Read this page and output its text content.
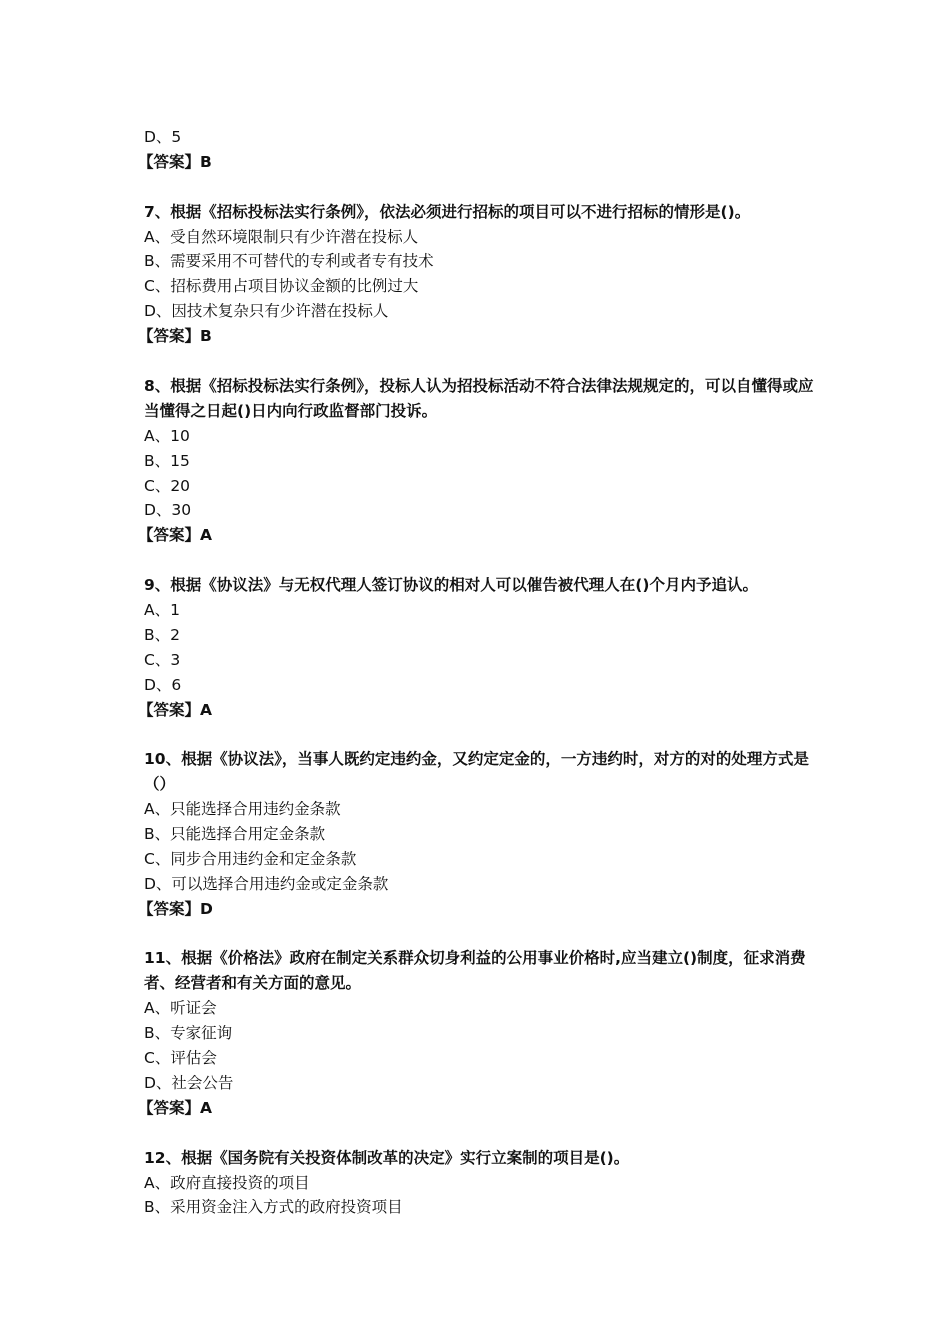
D、5
【答案】B
7、根据《招标投标法实行条例》，依法必须进行招标的项目可以不进行招标的情形是()。
A、受自然环境限制只有少许潜在投标人
B、需要采用不可替代的专利或者专有技术
C、招标费用占项目协议金额的比例过大
D、因技术复杂只有少许潜在投标人
【答案】B
8、根据《招标投标法实行条例》，投标人认为招投标活动不符合法律法规规定的，可以自懂得或应当懂得之日起()日内向行政监督部门投诉。
A、10
B、15
C、20
D、30
【答案】A
9、根据《协议法》与无权代理人签订协议的相对人可以催告被代理人在()个月内予追认。
A、1
B、2
C、3
D、6
【答案】A
10、根据《协议法》，当事人既约定违约金，又约定定金的，一方违约时，对方的对的处理方式是（）
A、只能选择合用违约金条款
B、只能选择合用定金条款
C、同步合用违约金和定金条款
D、可以选择合用违约金或定金条款
【答案】D
11、根据《价格法》政府在制定关系群众切身利益的公用事业价格时,应当建立()制度，征求消费者、经营者和有关方面的意见。
A、听证会
B、专家征询
C、评估会
D、社会公告
【答案】A
12、根据《国务院有关投资体制改革的决定》实行立案制的项目是()。
A、政府直接投资的项目
B、采用资金注入方式的政府投资项目
